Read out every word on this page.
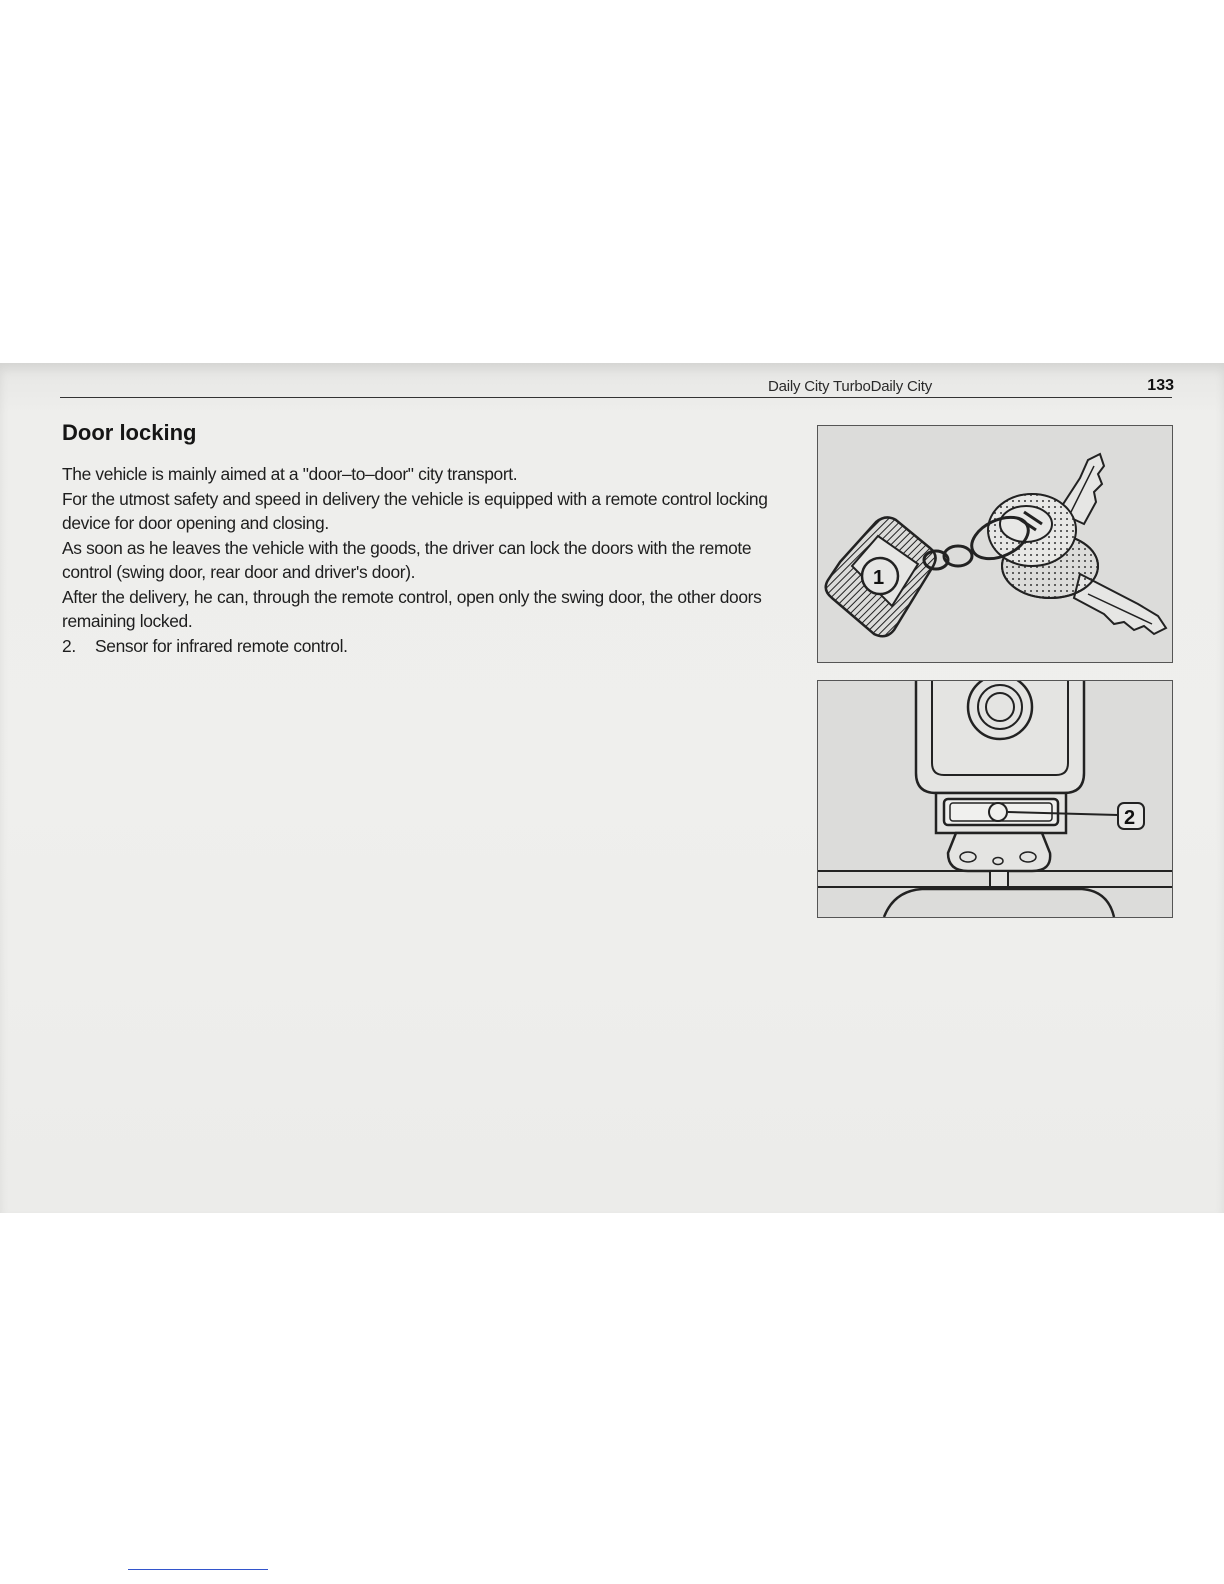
Daily City TurboDaily City	133
Door locking

The vehicle is mainly aimed at a "door–to–door" city transport.

For the utmost safety and speed in delivery the vehicle is equipped with a remote control locking device for door opening and closing.

As soon as he leaves the vehicle with the goods, the driver can lock the doors with the remote control (swing door, rear door and driver's door).

After the delivery, he can, through the remote control, open only the swing door, the other doors remaining locked.

2.	Sensor for infrared remote control.
1
2
